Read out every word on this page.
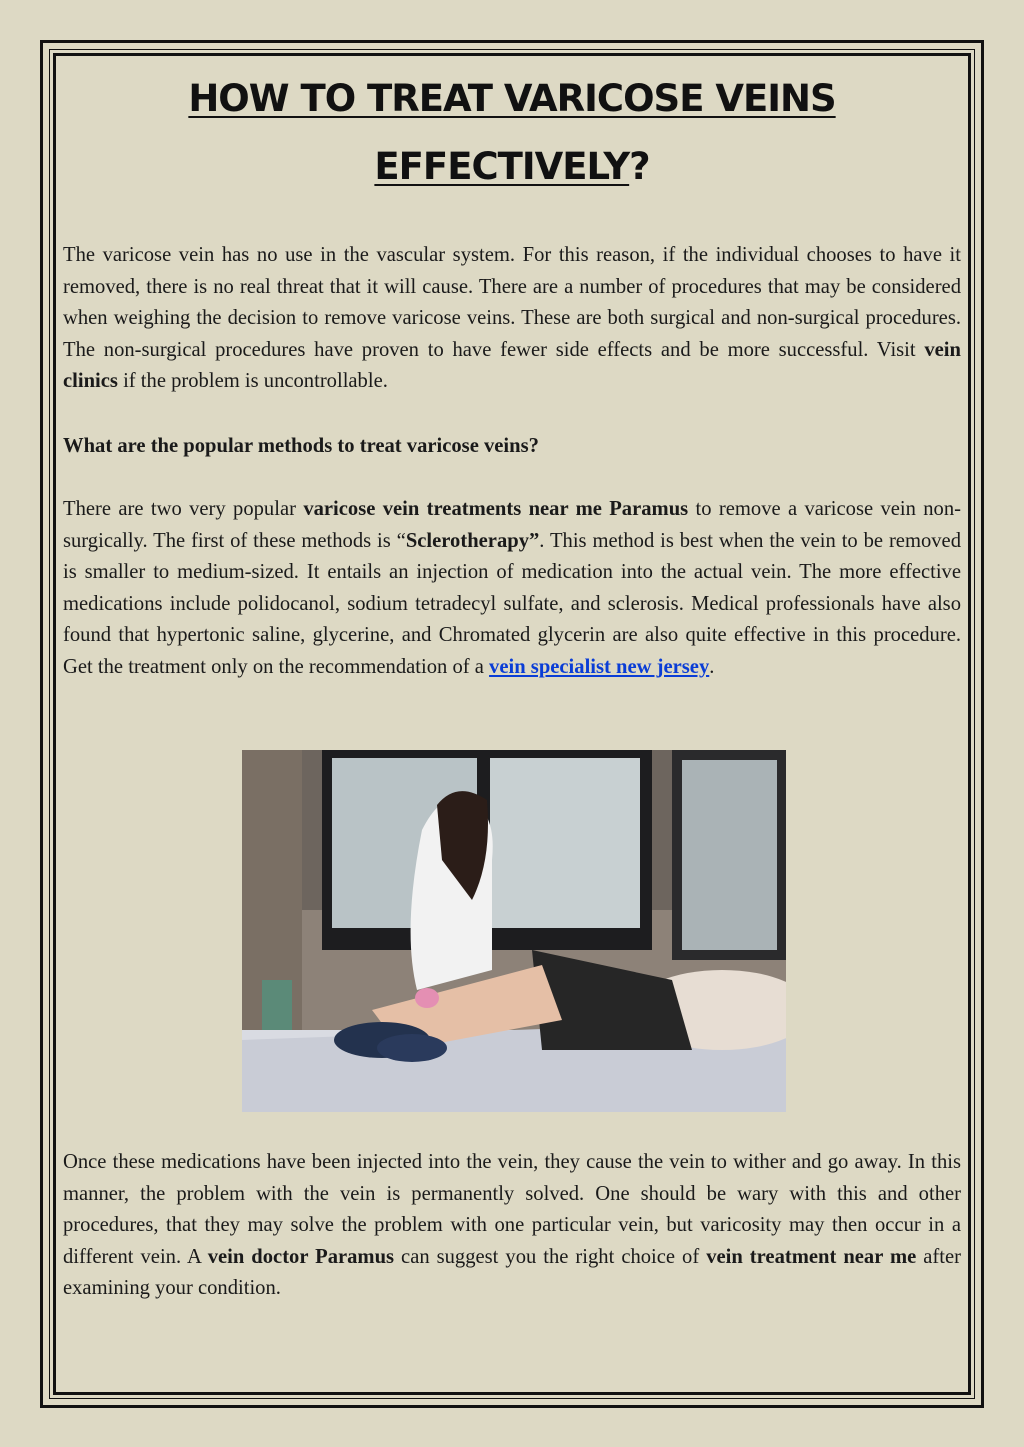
HOW TO TREAT VARICOSE VEINS
EFFECTIVELY?

The varicose vein has no use in the vascular system. For this reason, if the individual chooses to have it removed, there is no real threat that it will cause. There are a number of procedures that may be considered when weighing the decision to remove varicose veins. These are both surgical and non-surgical procedures. The non-surgical procedures have proven to have fewer side effects and be more successful. Visit vein clinics if the problem is uncontrollable.

What are the popular methods to treat varicose veins?

There are two very popular varicose vein treatments near me Paramus to remove a varicose vein non-surgically. The first of these methods is “Sclerotherapy”. This method is best when the vein to be removed is smaller to medium-sized. It entails an injection of medication into the actual vein. The more effective medications include polidocanol, sodium tetradecyl sulfate, and sclerosis. Medical professionals have also found that hypertonic saline, glycerine, and Chromated glycerin are also quite effective in this procedure. Get the treatment only on the recommendation of a vein specialist new jersey.

Once these medications have been injected into the vein, they cause the vein to wither and go away. In this manner, the problem with the vein is permanently solved. One should be wary with this and other procedures, that they may solve the problem with one particular vein, but varicosity may then occur in a different vein. A vein doctor Paramus can suggest you the right choice of vein treatment near me after examining your condition.
